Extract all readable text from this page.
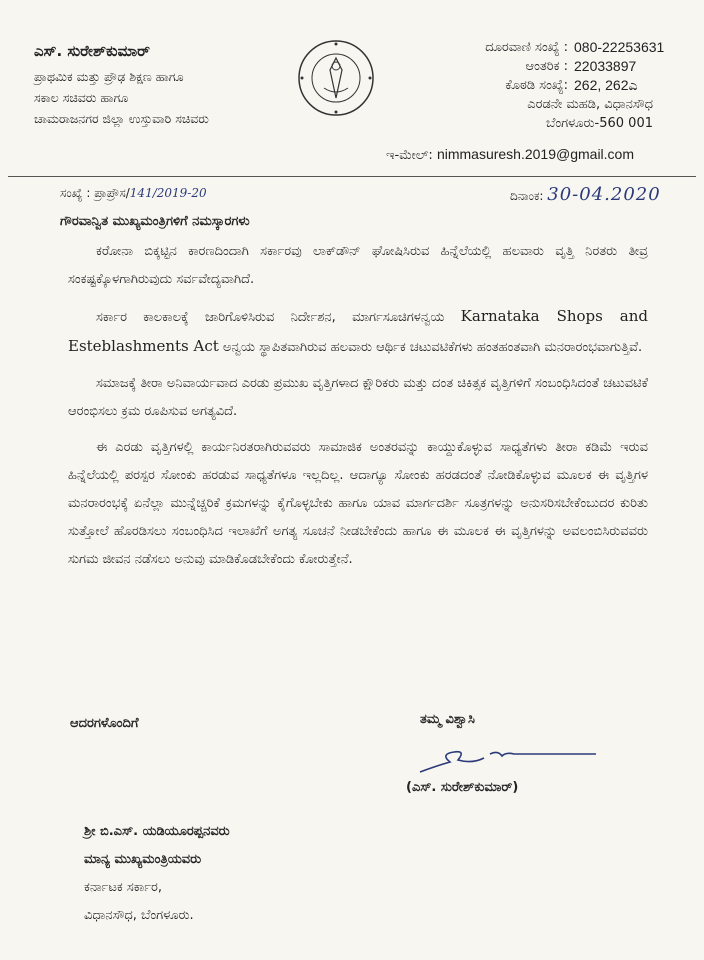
ಎಸ್. ಸುರೇಶ್‌ಕುಮಾರ್
ಪ್ರಾಥಮಿಕ ಮತ್ತು ಪ್ರೌಢ ಶಿಕ್ಷಣ ಹಾಗೂ
ಸಕಾಲ ಸಚಿವರು ಹಾಗೂ
ಚಾಮರಾಜನಗರ ಜಿಲ್ಲಾ ಉಸ್ತುವಾರಿ ಸಚಿವರು
ದೂರವಾಣಿ ಸಂಖ್ಯೆ : 080-22253631
ಆಂತರಿಕ : 22033897
ಕೊಠಡಿ ಸಂಖ್ಯೆ: 262, 262ಎ
ಎರಡನೇ ಮಹಡಿ, ವಿಧಾನಸೌಧ
ಬೆಂಗಳೂರು-560 001
ಇ-ಮೇಲ್: nimmasuresh.2019@gmail.com
ಸಂಖ್ಯೆ : ಪ್ರಾಪ್ರೌಸ/141/2019-20	ದಿನಾಂಕ: 30-04.2020
ಗೌರವಾನ್ವಿತ ಮುಖ್ಯಮಂತ್ರಿಗಳಿಗೆ ನಮಸ್ಕಾರಗಳು

ಕರೋನಾ ಬಿಕ್ಕಟ್ಟಿನ ಕಾರಣದಿಂದಾಗಿ ಸರ್ಕಾರವು ಲಾಕ್‌ಡೌನ್ ಘೋಷಿಸಿರುವ ಹಿನ್ನೆಲೆಯಲ್ಲಿ ಹಲವಾರು ವೃತ್ತಿ ನಿರತರು ತೀವ್ರ ಸಂಕಷ್ಟಕ್ಕೊಳಗಾಗಿರುವುದು ಸರ್ವವೇದ್ಯವಾಗಿದೆ.

ಸರ್ಕಾರ ಕಾಲಕಾಲಕ್ಕೆ ಜಾರಿಗೊಳಿಸಿರುವ ನಿರ್ದೇಶನ, ಮಾರ್ಗಸೂಚಿಗಳನ್ವಯ Karnataka Shops and Esteblashments Act ಅನ್ವಯ ಸ್ಥಾಪಿತವಾಗಿರುವ ಹಲವಾರು ಆರ್ಥಿಕ ಚಟುವಟಿಕೆಗಳು ಹಂತಹಂತವಾಗಿ ಮನರಾರಂಭವಾಗುತ್ತಿವೆ.

ಸಮಾಜಕ್ಕೆ ತೀರಾ ಅನಿವಾರ್ಯವಾದ ಎರಡು ಪ್ರಮುಖ ವೃತ್ತಿಗಳಾದ ಕ್ಷೌರಿಕರು ಮತ್ತು ದಂತ ಚಿಕಿತ್ಸಕ ವೃತ್ತಿಗಳಿಗೆ ಸಂಬಂಧಿಸಿದಂತೆ ಚಟುವಟಿಕೆ ಆರಂಭಿಸಲು ಕ್ರಮ ರೂಪಿಸುವ ಅಗತ್ಯವಿದೆ.

ಈ ಎರಡು ವೃತ್ತಿಗಳಲ್ಲಿ ಕಾರ್ಯನಿರತರಾಗಿರುವವರು ಸಾಮಾಜಿಕ ಅಂತರವನ್ನು ಕಾಯ್ದುಕೊಳ್ಳುವ ಸಾಧ್ಯತೆಗಳು ತೀರಾ ಕಡಿಮೆ ಇರುವ ಹಿನ್ನೆಲೆಯಲ್ಲಿ ಪರಸ್ಪರ ಸೋಂಕು ಹರಡುವ ಸಾಧ್ಯತೆಗಳೂ ಇಲ್ಲದಿಲ್ಲ. ಆದಾಗ್ಯೂ ಸೋಂಕು ಹರಡದಂತೆ ನೋಡಿಕೊಳ್ಳುವ ಮೂಲಕ ಈ ವೃತ್ತಿಗಳ ಮನರಾರಂಭಕ್ಕೆ ಏನೆಲ್ಲಾ ಮುನ್ನೆಚ್ಚರಿಕೆ ಕ್ರಮಗಳನ್ನು ಕೈಗೊಳ್ಳಬೇಕು ಹಾಗೂ ಯಾವ ಮಾರ್ಗದರ್ಶಿ ಸೂತ್ರಗಳನ್ನು ಅನುಸರಿಸಬೇಕೆಂಬುದರ ಕುರಿತು ಸುತ್ತೋಲೆ ಹೊರಡಿಸಲು ಸಂಬಂಧಿಸಿದ ಇಲಾಖೆಗೆ ಅಗತ್ಯ ಸೂಚನೆ ನೀಡಬೇಕೆಂದು ಹಾಗೂ ಈ ಮೂಲಕ ಈ ವೃತ್ತಿಗಳನ್ನು ಅವಲಂಬಿಸಿರುವವರು ಸುಗಮ ಜೀವನ ನಡೆಸಲು ಅನುವು ಮಾಡಿಕೊಡಬೇಕೆಂದು ಕೋರುತ್ತೇನೆ.

ಆದರಗಳೊಂದಿಗೆ	ತಮ್ಮ ವಿಶ್ವಾಸಿ
(ಎಸ್. ಸುರೇಶ್‌ಕುಮಾರ್)
ಶ್ರೀ ಬಿ.ಎಸ್. ಯಡಿಯೂರಪ್ಪನವರು
ಮಾನ್ಯ ಮುಖ್ಯಮಂತ್ರಿಯವರು
ಕರ್ನಾಟಕ ಸರ್ಕಾರ,
ವಿಧಾನಸೌಧ, ಬೆಂಗಳೂರು.
